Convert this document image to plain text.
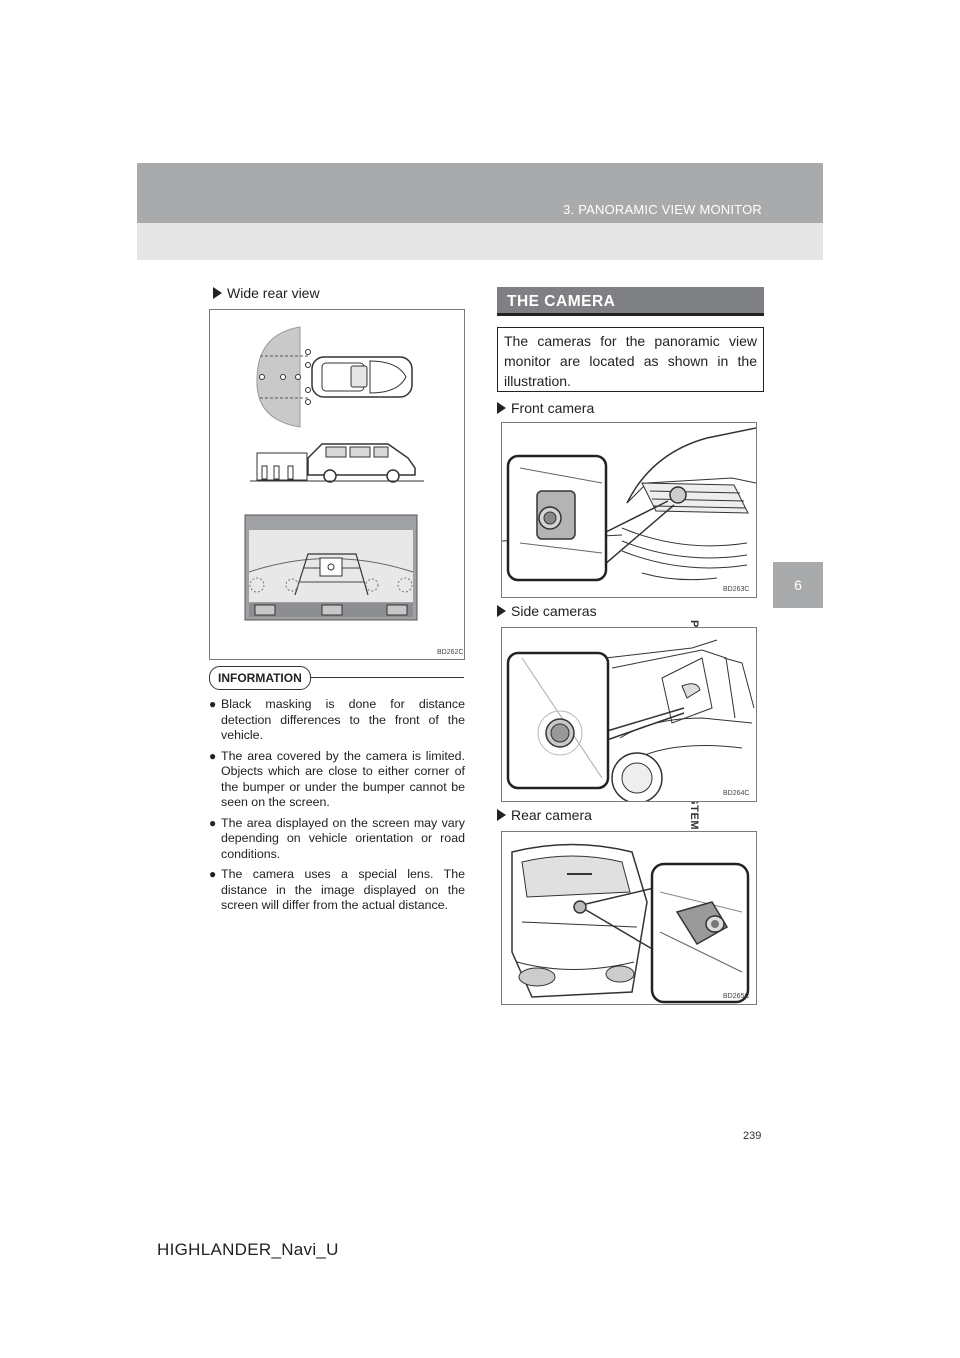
3. PANORAMIC VIEW MONITOR
6
Wide rear view
BD262C
INFORMATION
● Black masking is done for distance detection differences to the front of the vehicle.
● The area covered by the camera is limited. Objects which are close to either corner of the bumper or under the bumper cannot be seen on the screen.
● The area displayed on the screen may vary depending on vehicle orientation or road conditions.
● The camera uses a special lens. The distance in the image displayed on the screen will differ from the actual distance.
THE CAMERA
The cameras for the panoramic view monitor are located as shown in the illustration.
Front camera
BD263C
Side cameras
BD264C
Rear camera
BD265C
239
HIGHLANDER_Navi_U
